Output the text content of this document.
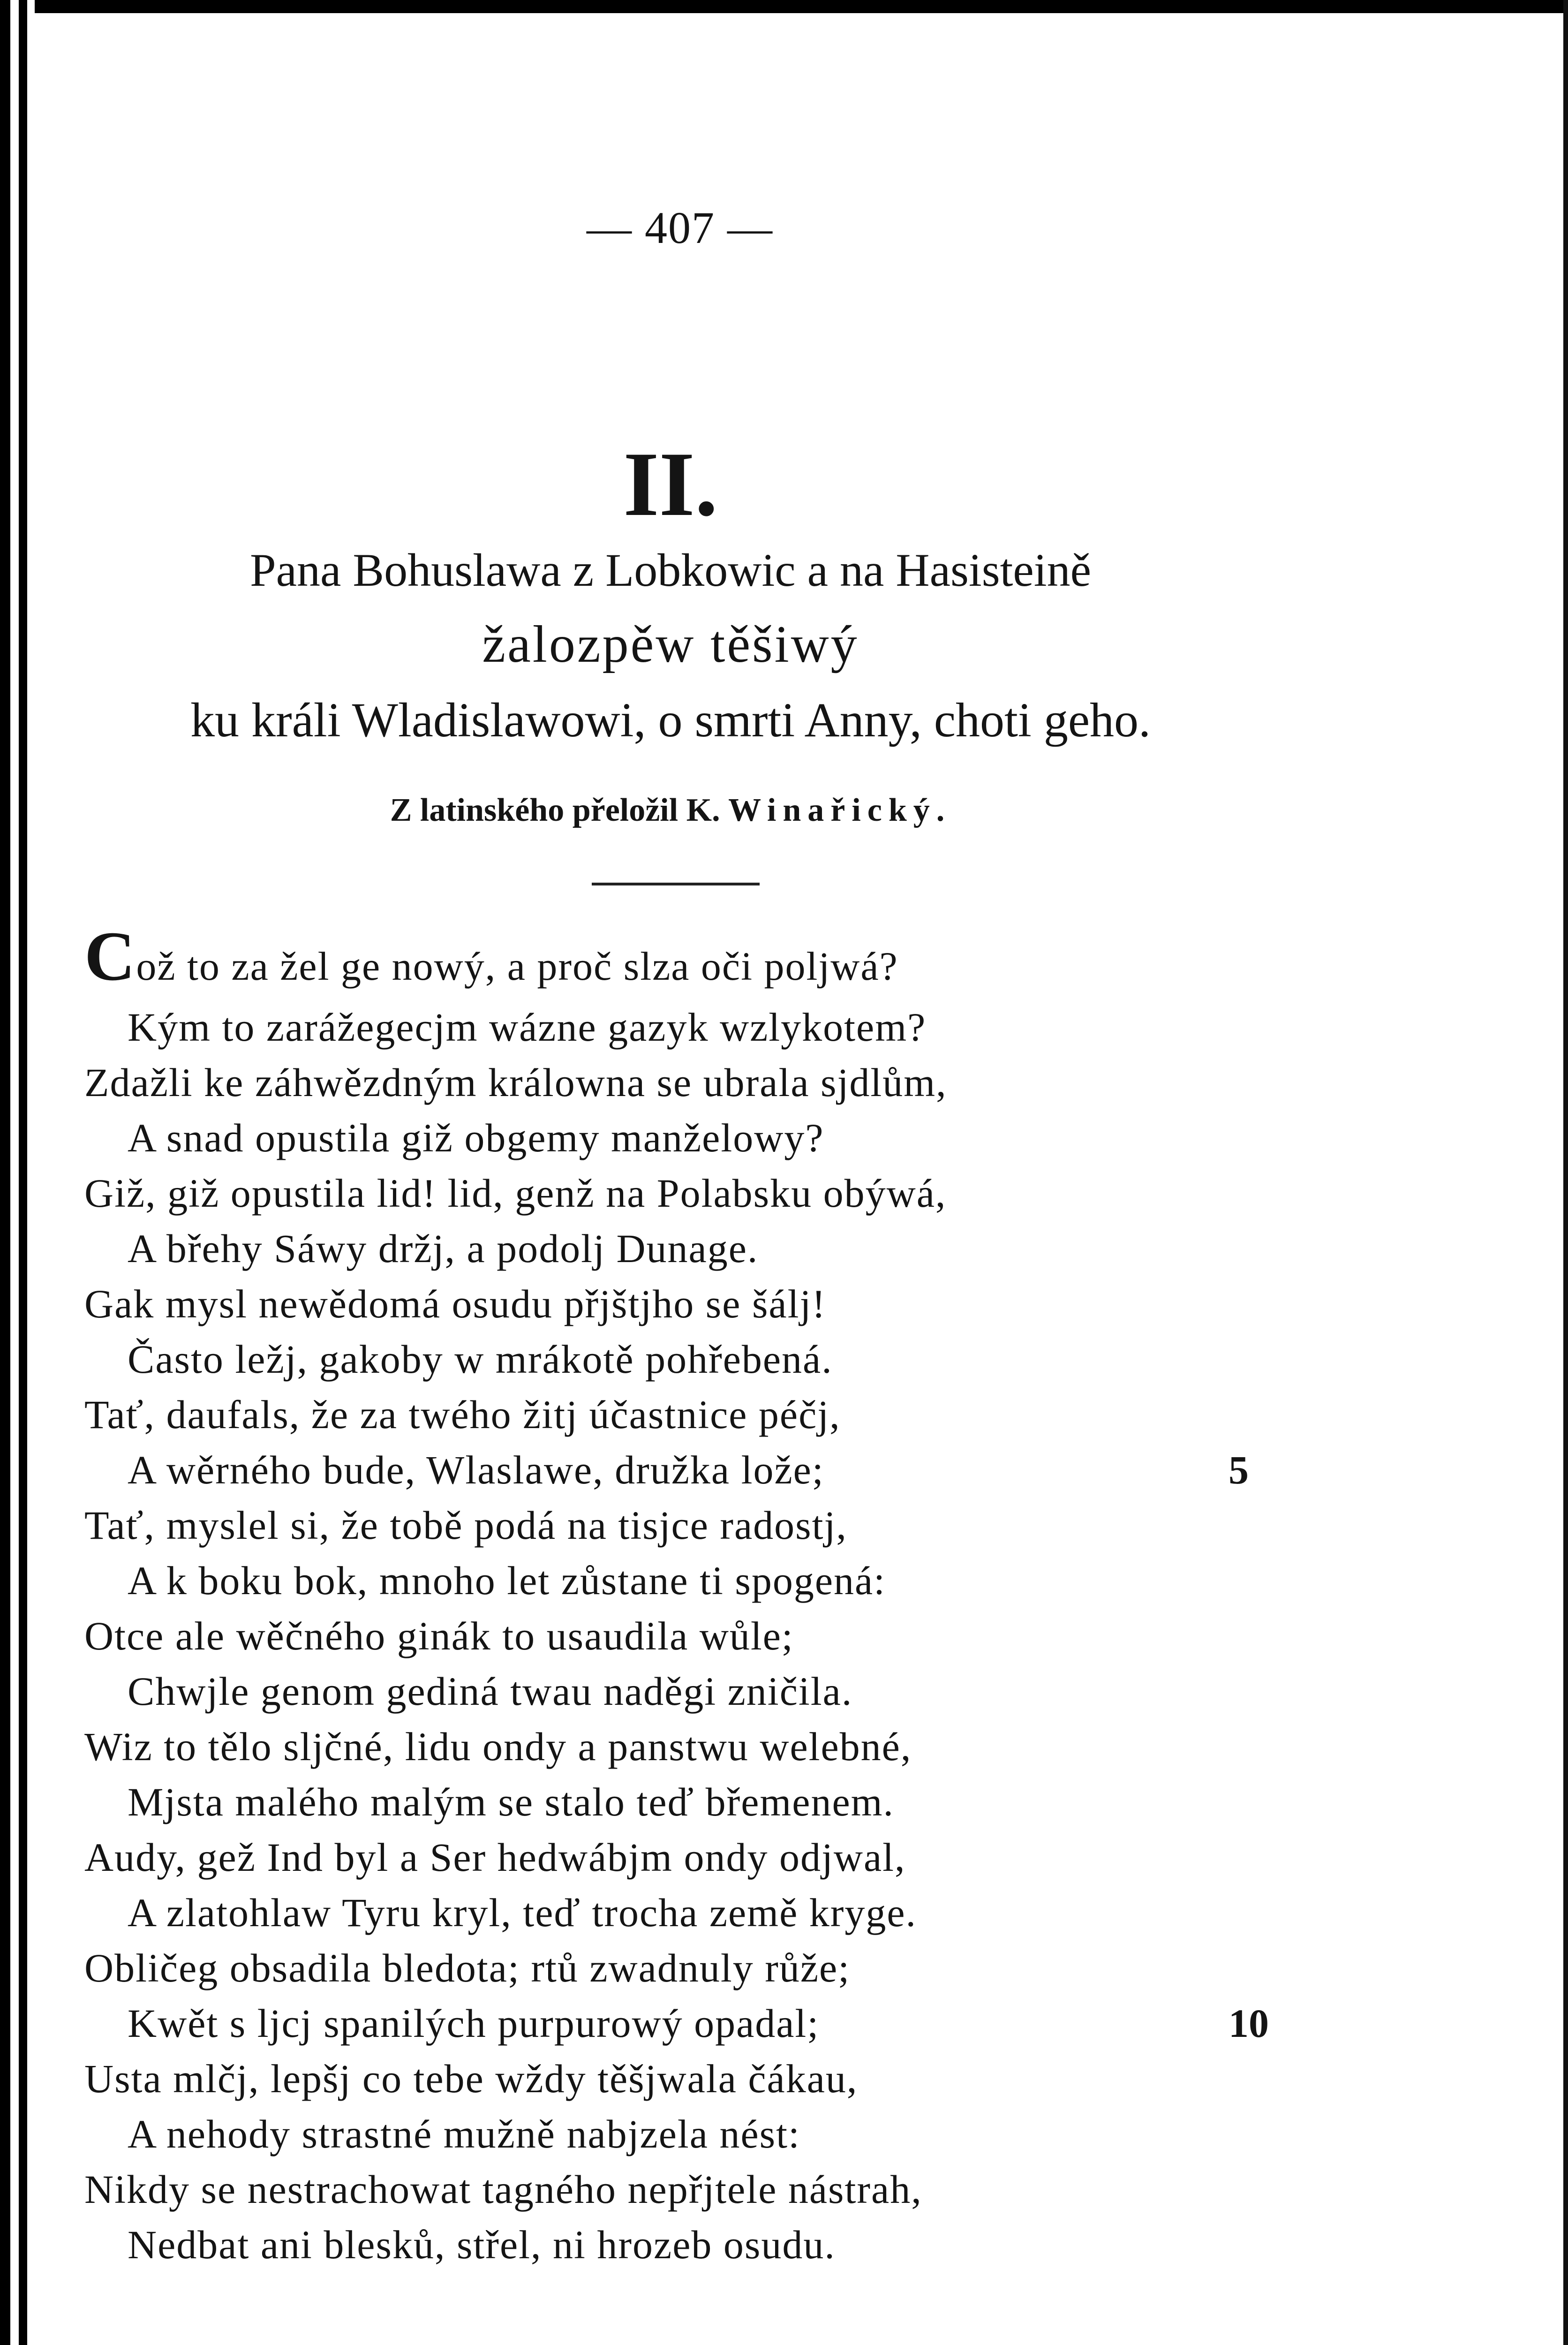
— 407 —
II.
Pana Bohuslawa z Lobkowic a na Hasisteině
žalozpěw těšiwý
ku králi Wladislawowi, o smrti Anny, choti geho.
Z latinského přeložil K. Winařický.
Což to za žel ge nowý, a proč slza oči poljwá?
Kým to zarážegecjm wázne gazyk wzlykotem?
Zdažli ke záhwězdným králowna se ubrala sjdlům,
A snad opustila giž obgemy manželowy?
Giž, giž opustila lid! lid, genž na Polabsku obýwá,
A břehy Sáwy držj, a podolj Dunage.
Gak mysl newědomá osudu přjštjho se šálj!
Často ležj, gakoby w mrákotě pohřebená.
Tať, daufals, že za twého žitj účastnice péčj,
A wěrného bude, Wlaslawe, družka lože;
Tať, myslel si, že tobě podá na tisjce radostj,
A k boku bok, mnoho let zůstane ti spogená:
Otce ale wěčného ginák to usaudila wůle;
Chwjle genom gediná twau naděgi zničila.
Wiz to tělo sljčné, lidu ondy a panstwu welebné,
Mjsta malého malým se stalo teď břemenem.
Audy, gež Ind byl a Ser hedwábjm ondy odjwal,
A zlatohlaw Tyru kryl, teď trocha země kryge.
Obličeg obsadila bledota; rtů zwadnuly růže;
Kwět s ljcj spanilých purpurowý opadal;
Usta mlčj, lepšj co tebe wždy těšjwala čákau,
A nehody strastné mužně nabjzela nést:
Nikdy se nestrachowat tagného nepřjtele nástrah,
Nedbat ani blesků, střel, ni hrozeb osudu.
5
10
